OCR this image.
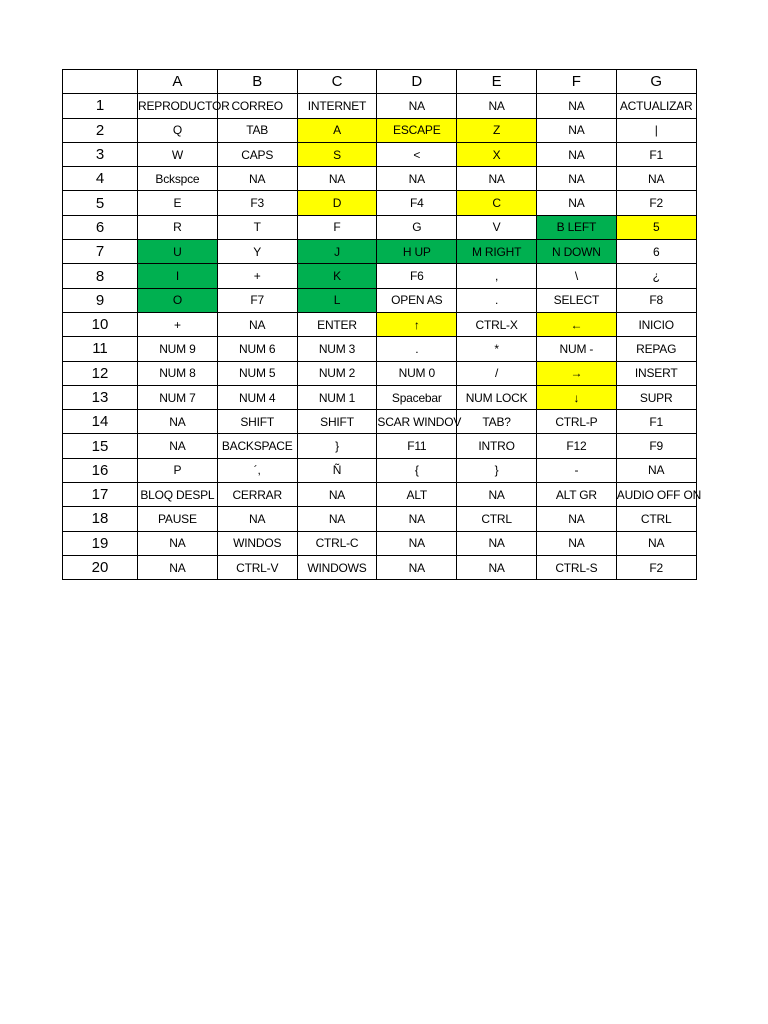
	A	B	C	D	E	F	G
1	REPRODUCTOR	CORREO	INTERNET	NA	NA	NA	ACTUALIZAR

2	Q	TAB	A	ESCAPE	Z	NA	|

3	W	CAPS	S	<	X	NA	F1

4	Bckspce	NA	NA	NA	NA	NA	NA

5	E	F3	D	F4	C	NA	F2

6	R	T	F	G	V	B LEFT	5

7	U	Y	J	H UP	M RIGHT	N DOWN	6

8	I	+	K	F6	,	\	¿

9	O	F7	L	OPEN AS	.	SELECT	F8

10	+	NA	ENTER	↑	CTRL-X	←	INICIO

11	NUM 9	NUM 6	NUM 3	.	*	NUM -	REPAG

12	NUM 8	NUM 5	NUM 2	NUM 0	/	→	INSERT

13	NUM 7	NUM 4	NUM 1	Spacebar	NUM LOCK	↓	SUPR

14	NA	SHIFT	SHIFT	SCAR WINDOV	TAB?	CTRL-P	F1

15	NA	BACKSPACE	}	F11	INTRO	F12	F9

16	P	´,	Ñ	{	}	-	NA

17	BLOQ DESPL	CERRAR	NA	ALT	NA	ALT GR	AUDIO OFF ON

18	PAUSE	NA	NA	NA	CTRL	NA	CTRL

19	NA	WINDOS	CTRL-C	NA	NA	NA	NA

20	NA	CTRL-V	WINDOWS	NA	NA	CTRL-S	F2
